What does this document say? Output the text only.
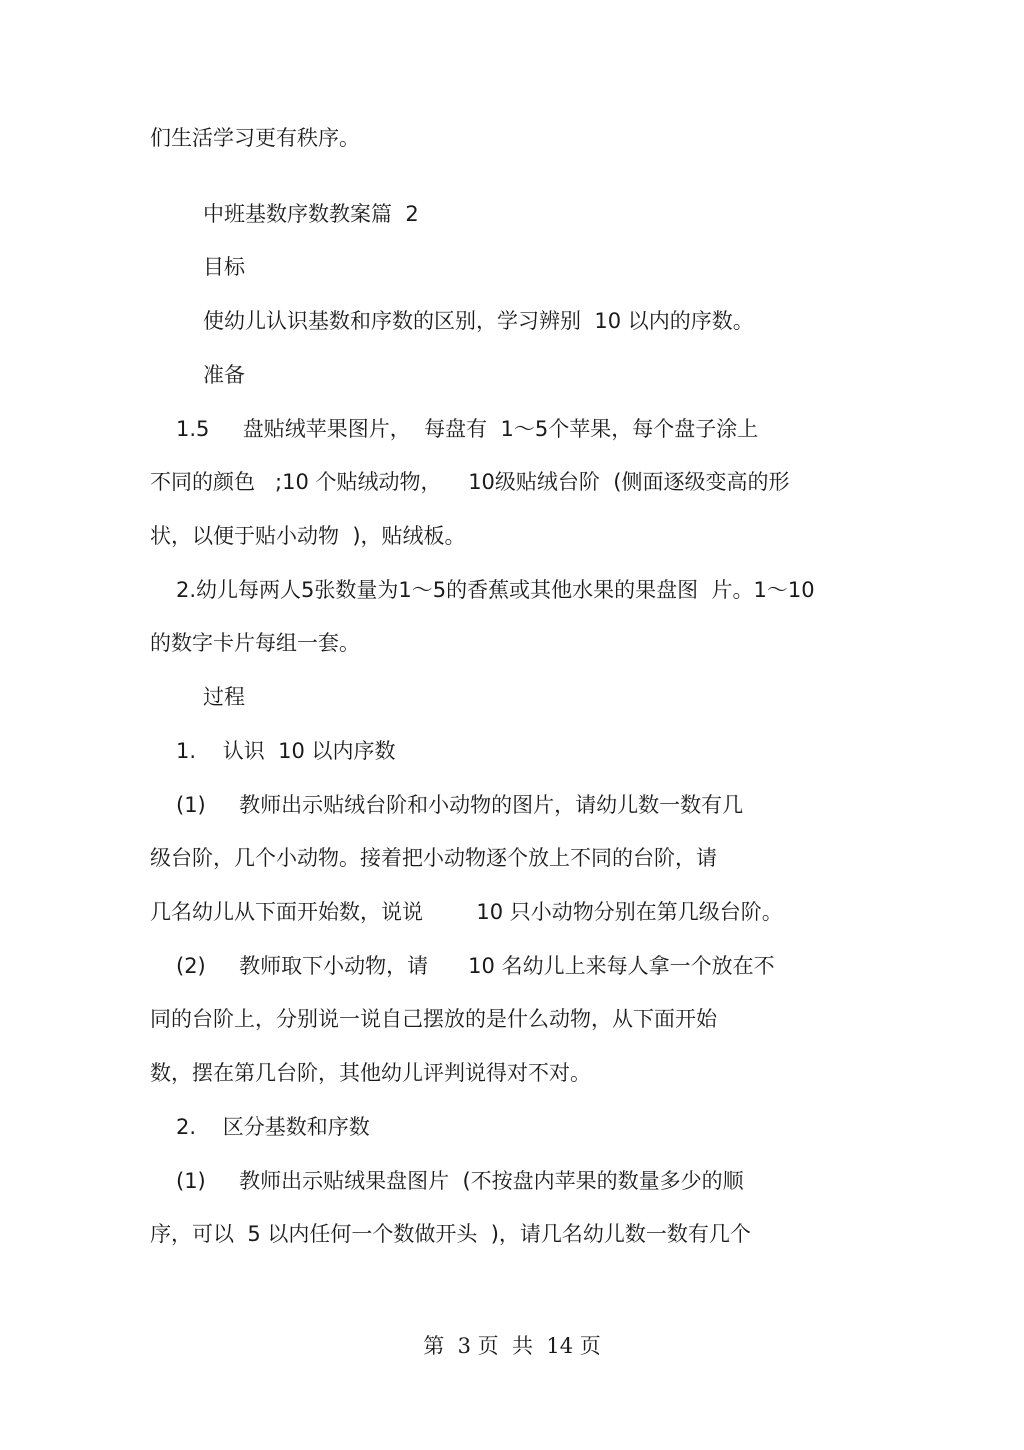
们生活学习更有秩序。
中班基数序数教案篇  2
目标
使幼儿认识基数和序数的区别，学习辨别  10 以内的序数。
准备
1.5     盘贴绒苹果图片，  每盘有  1～5个苹果，每个盘子涂上
不同的颜色   ;10 个贴绒动物，    10级贴绒台阶  (侧面逐级变高的形
状，以便于贴小动物  )，贴绒板。
2.幼儿每两人5张数量为1～5的香蕉或其他水果的果盘图  片。1～10
的数字卡片每组一套。
过程
1.    认识  10 以内序数
(1)     教师出示贴绒台阶和小动物的图片，请幼儿数一数有几
级台阶，几个小动物。接着把小动物逐个放上不同的台阶，请
几名幼儿从下面开始数，说说        10 只小动物分别在第几级台阶。
(2)     教师取下小动物，请      10 名幼儿上来每人拿一个放在不
同的台阶上，分别说一说自己摆放的是什么动物，从下面开始
数，摆在第几台阶，其他幼儿评判说得对不对。
2.    区分基数和序数
(1)     教师出示贴绒果盘图片  (不按盘内苹果的数量多少的顺
序，可以  5 以内任何一个数做开头  )，请几名幼儿数一数有几个
第  3 页  共  14 页
